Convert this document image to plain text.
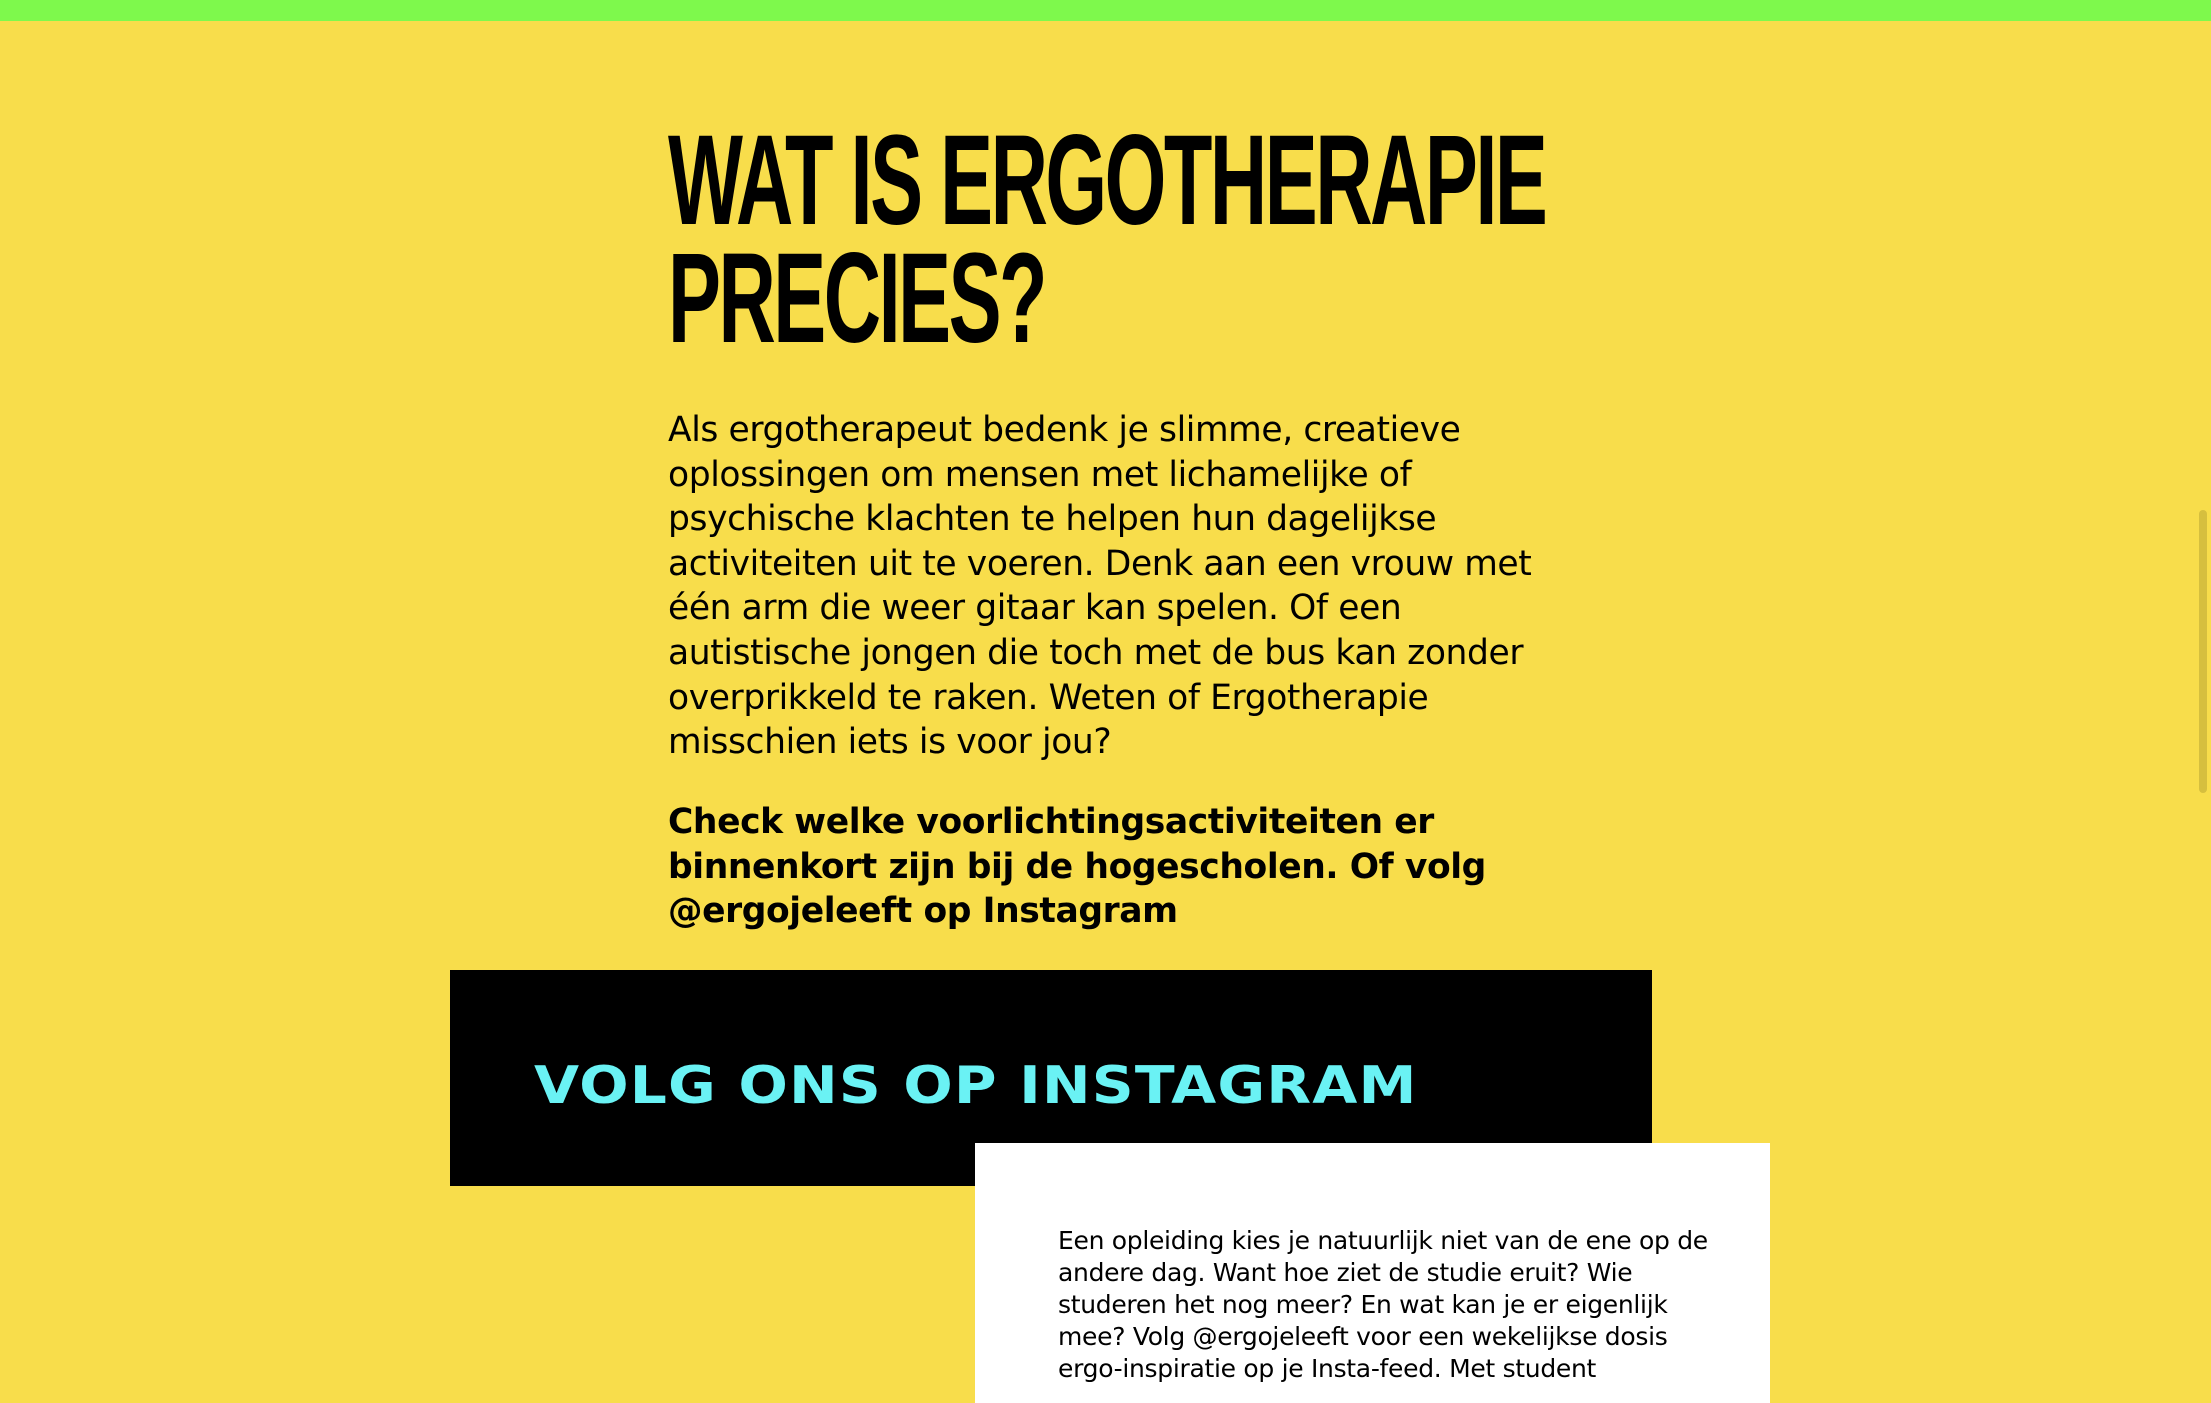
WAT IS ERGOTHERAPIE
PRECIES?

Als ergotherapeut bedenk je slimme, creatieve oplossingen om mensen met lichamelijke of psychische klachten te helpen hun dagelijkse activiteiten uit te voeren. Denk aan een vrouw met één arm die weer gitaar kan spelen. Of een autistische jongen die toch met de bus kan zonder overprikkeld te raken. Weten of Ergotherapie misschien iets is voor jou?

Check welke voorlichtingsactiviteiten er binnenkort zijn bij de hogescholen. Of volg @ergojeleeft op Instagram

VOLG ONS OP INSTAGRAM

Een opleiding kies je natuurlijk niet van de ene op de andere dag. Want hoe ziet de studie eruit? Wie studeren het nog meer? En wat kan je er eigenlijk mee? Volg @ergojeleeft voor een wekelijkse dosis ergo-inspiratie op je Insta-feed. Met student
